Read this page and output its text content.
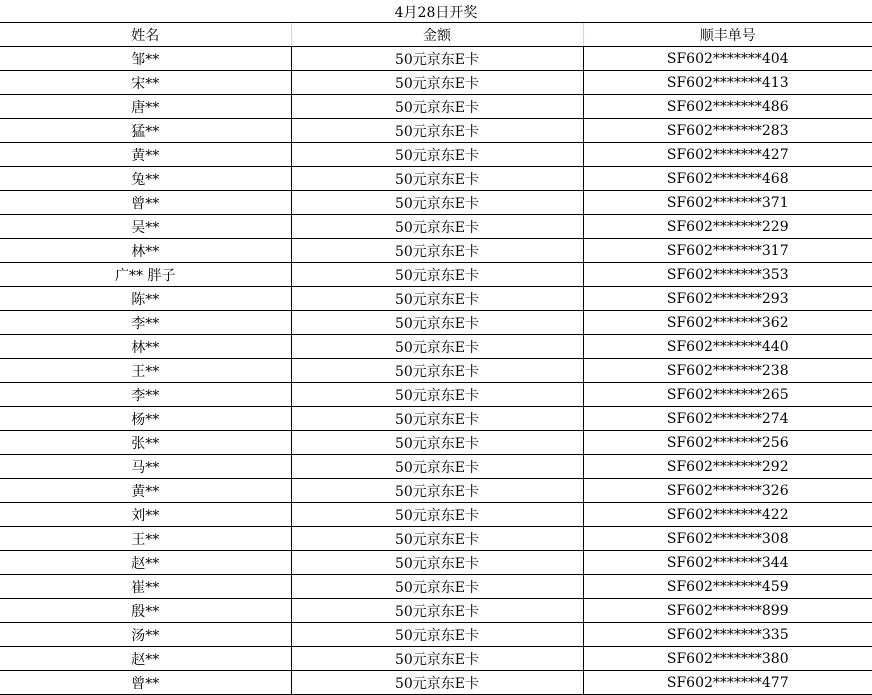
4月28日开奖
姓名	金额	顺丰单号
邹**	50元京东E卡	SF602*******404
宋**	50元京东E卡	SF602*******413
唐**	50元京东E卡	SF602*******486
猛**	50元京东E卡	SF602*******283
黄**	50元京东E卡	SF602*******427
兔**	50元京东E卡	SF602*******468
曾**	50元京东E卡	SF602*******371
吴**	50元京东E卡	SF602*******229
林**	50元京东E卡	SF602*******317
广** 胖子	50元京东E卡	SF602*******353
陈**	50元京东E卡	SF602*******293
李**	50元京东E卡	SF602*******362
林**	50元京东E卡	SF602*******440
王**	50元京东E卡	SF602*******238
李**	50元京东E卡	SF602*******265
杨**	50元京东E卡	SF602*******274
张**	50元京东E卡	SF602*******256
马**	50元京东E卡	SF602*******292
黄**	50元京东E卡	SF602*******326
刘**	50元京东E卡	SF602*******422
王**	50元京东E卡	SF602*******308
赵**	50元京东E卡	SF602*******344
崔**	50元京东E卡	SF602*******459
殷**	50元京东E卡	SF602*******899
汤**	50元京东E卡	SF602*******335
赵**	50元京东E卡	SF602*******380
曾**	50元京东E卡	SF602*******477
